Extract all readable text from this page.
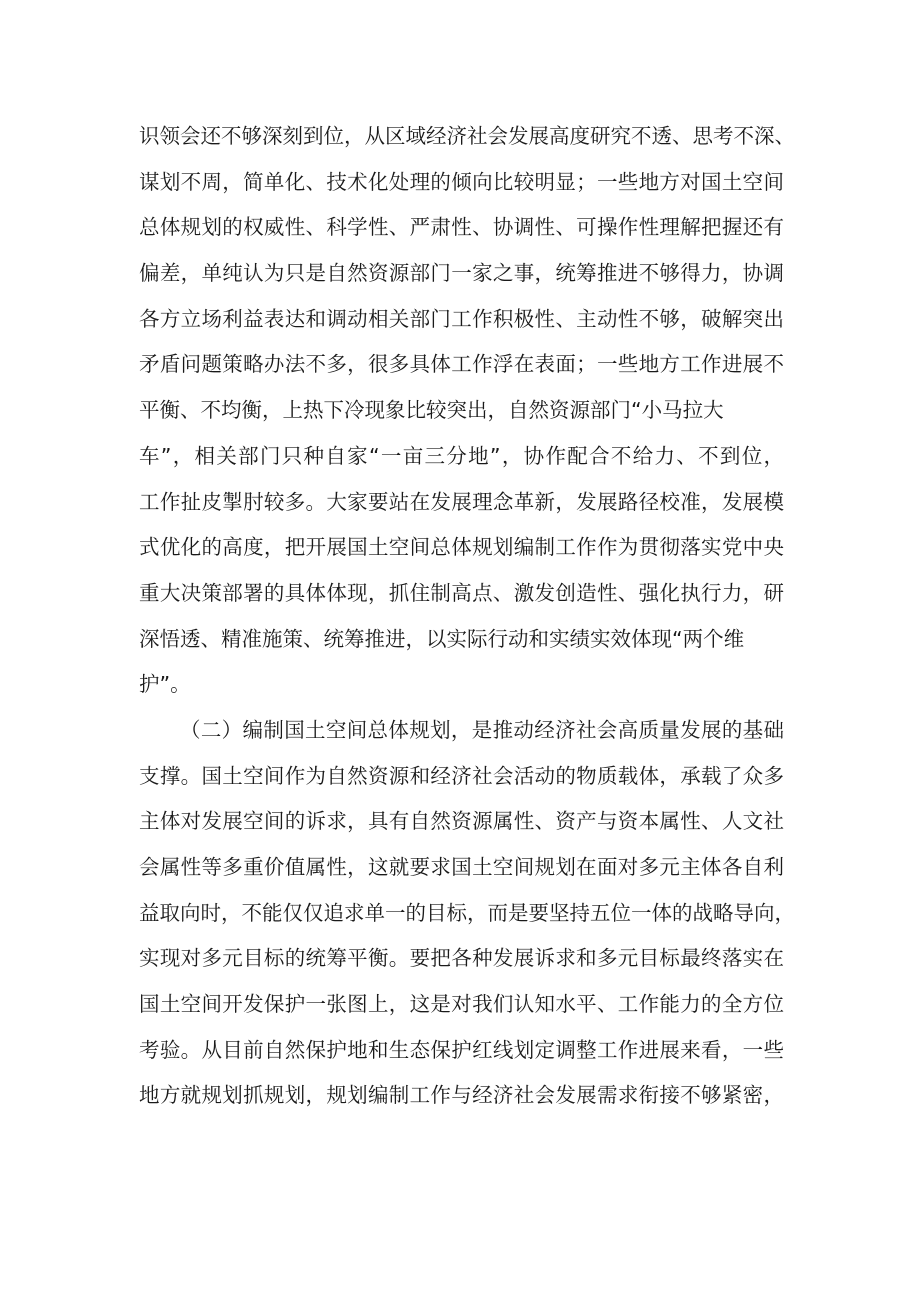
识领会还不够深刻到位，从区域经济社会发展高度研究不透、思考不深、
谋划不周，简单化、技术化处理的倾向比较明显；一些地方对国土空间
总体规划的权威性、科学性、严肃性、协调性、可操作性理解把握还有
偏差，单纯认为只是自然资源部门一家之事，统筹推进不够得力，协调
各方立场利益表达和调动相关部门工作积极性、主动性不够，破解突出
矛盾问题策略办法不多，很多具体工作浮在表面；一些地方工作进展不
平衡、不均衡，上热下冷现象比较突出，自然资源部门“小马拉大
车”，相关部门只种自家“一亩三分地”，协作配合不给力、不到位，
工作扯皮掣肘较多。大家要站在发展理念革新，发展路径校准，发展模
式优化的高度，把开展国土空间总体规划编制工作作为贯彻落实党中央
重大决策部署的具体体现，抓住制高点、激发创造性、强化执行力，研
深悟透、精准施策、统筹推进，以实际行动和实绩实效体现“两个维
护”。
（二）编制国土空间总体规划，是推动经济社会高质量发展的基础
支撑。国土空间作为自然资源和经济社会活动的物质载体，承载了众多
主体对发展空间的诉求，具有自然资源属性、资产与资本属性、人文社
会属性等多重价值属性，这就要求国土空间规划在面对多元主体各自利
益取向时，不能仅仅追求单一的目标，而是要坚持五位一体的战略导向，
实现对多元目标的统筹平衡。要把各种发展诉求和多元目标最终落实在
国土空间开发保护一张图上，这是对我们认知水平、工作能力的全方位
考验。从目前自然保护地和生态保护红线划定调整工作进展来看，一些
地方就规划抓规划，规划编制工作与经济社会发展需求衔接不够紧密，
